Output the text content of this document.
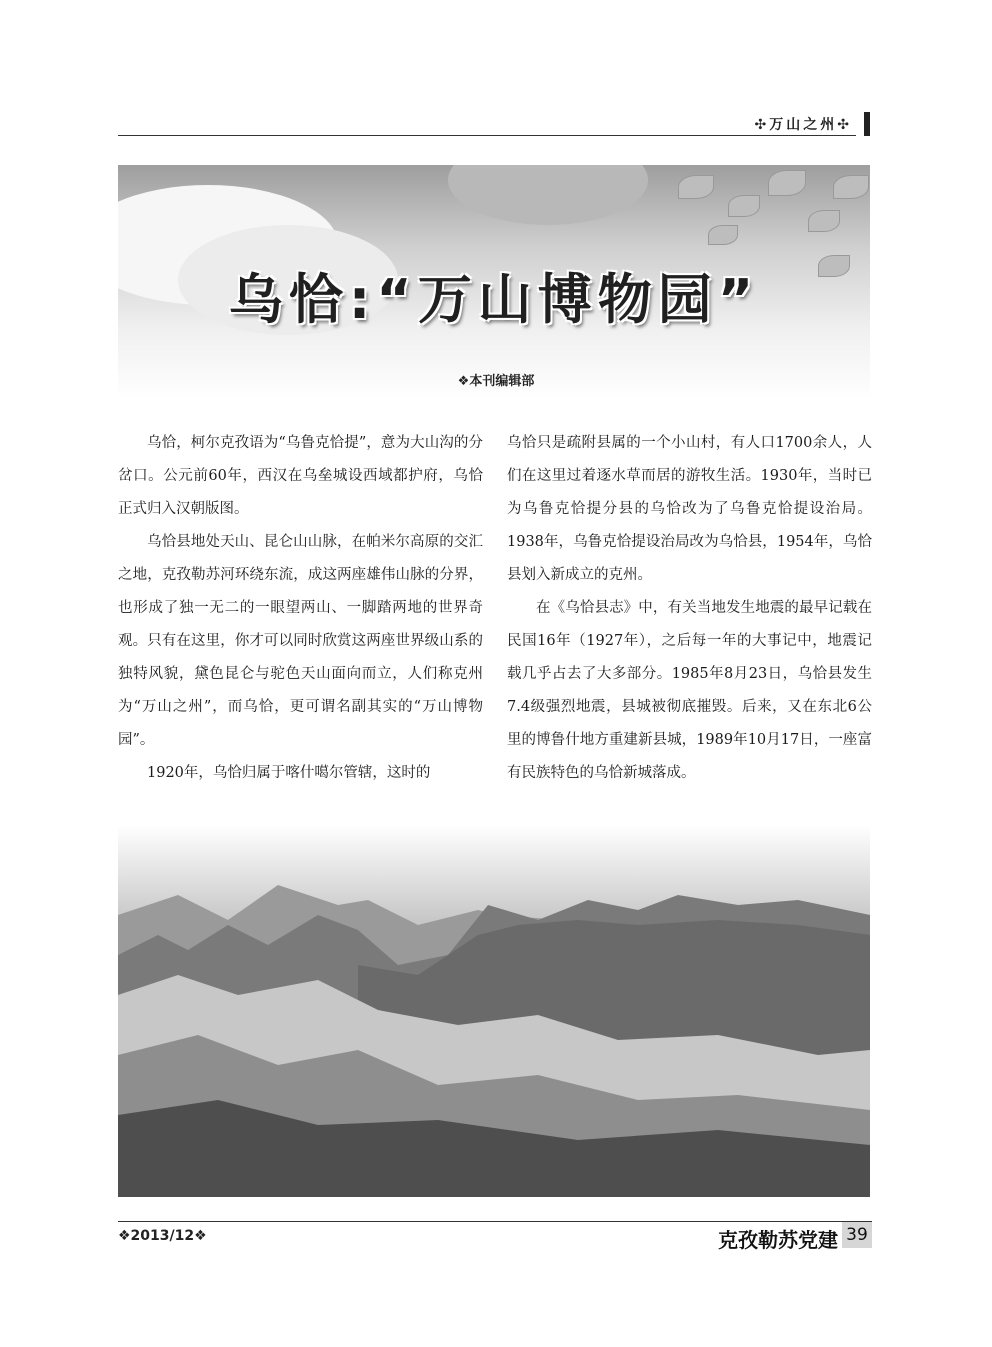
✣万山之州✣
乌恰:“万山博物园”
❖本刊编辑部

乌恰，柯尔克孜语为“乌鲁克恰提”，意为大山沟的分岔口。公元前60年，西汉在乌垒城设西域都护府，乌恰正式归入汉朝版图。

乌恰县地处天山、昆仑山山脉，在帕米尔高原的交汇之地，克孜勒苏河环绕东流，成这两座雄伟山脉的分界，也形成了独一无二的一眼望两山、一脚踏两地的世界奇观。只有在这里，你才可以同时欣赏这两座世界级山系的独特风貌，黛色昆仑与驼色天山面向而立，人们称克州为“万山之州”，而乌恰，更可谓名副其实的“万山博物园”。

1920年，乌恰归属于喀什噶尔管辖，这时的

乌恰只是疏附县属的一个小山村，有人口1700余人，人们在这里过着逐水草而居的游牧生活。1930年，当时已为乌鲁克恰提分县的乌恰改为了乌鲁克恰提设治局。1938年，乌鲁克恰提设治局改为乌恰县，1954年，乌恰县划入新成立的克州。

在《乌恰县志》中，有关当地发生地震的最早记载在民国16年（1927年），之后每一年的大事记中，地震记载几乎占去了大多部分。1985年8月23日，乌恰县发生7.4级强烈地震，县城被彻底摧毁。后来，又在东北6公里的博鲁什地方重建新县城，1989年10月17日，一座富有民族特色的乌恰新城落成。

❖2013/12❖	克孜勒苏党建 39
